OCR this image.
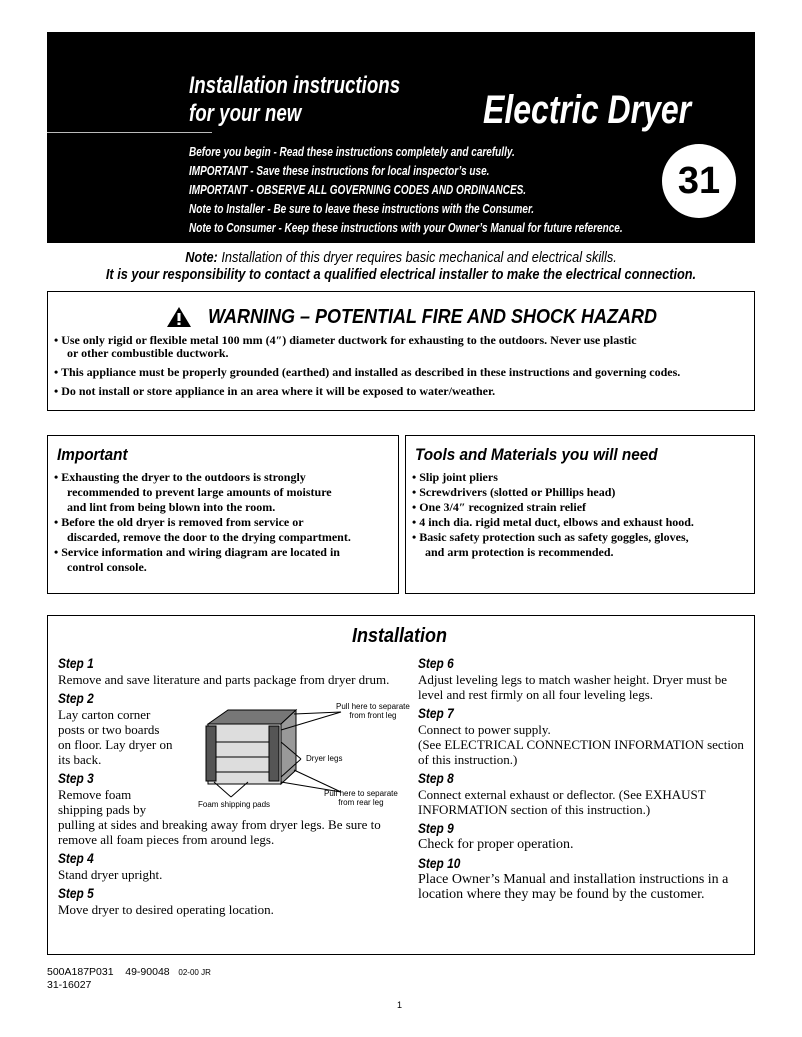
Installation instructions
for your new	Electric Dryer
Before you begin - Read these instructions completely and carefully.
IMPORTANT - Save these instructions for local inspector’s use.
IMPORTANT - OBSERVE ALL GOVERNING CODES AND ORDINANCES.
Note to Installer - Be sure to leave these instructions with the Consumer.
Note to Consumer - Keep these instructions with your Owner’s Manual for future reference.
31
Note: Installation of this dryer requires basic mechanical and electrical skills.
It is your responsibility to contact a qualified electrical installer to make the electrical connection.
WARNING – POTENTIAL FIRE AND SHOCK HAZARD
• Use only rigid or flexible metal 100 mm (4″) diameter ductwork for exhausting to the outdoors. Never use plastic
or other combustible ductwork.
• This appliance must be properly grounded (earthed) and installed as described in these instructions and governing codes.
• Do not install or store appliance in an area where it will be exposed to water/weather.
Important
• Exhausting the dryer to the outdoors is strongly
recommended to prevent large amounts of moisture
and lint from being blown into the room.
• Before the old dryer is removed from service or
discarded, remove the door to the drying compartment.
• Service information and wiring diagram are located in
control console.
Tools and Materials you will need
• Slip joint pliers
• Screwdrivers (slotted or Phillips head)
• One 3/4″ recognized strain relief
• 4 inch dia. rigid metal duct, elbows and exhaust hood.
• Basic safety protection such as safety goggles, gloves,
and arm protection is recommended.
Installation
Step 1
Remove and save literature and parts package from dryer drum.
Step 2
Lay carton corner posts or two boards on floor. Lay dryer on its back.
Step 3
Remove foam shipping pads by
pulling at sides and breaking away from dryer legs. Be sure to remove all foam pieces from around legs.
Step 4
Stand dryer upright.
Step 5
Move dryer to desired operating location.
Pull here to separate
from front leg
Dryer legs
Pull here to separate
from rear leg
Foam shipping pads
Step 6
Adjust leveling legs to match washer height. Dryer must be level and rest firmly on all four leveling legs.
Step 7
Connect to power supply.
(See ELECTRICAL CONNECTION INFORMATION section of this instruction.)
Step 8
Connect external exhaust or deflector. (See EXHAUST INFORMATION section of this instruction.)
Step 9
Check for proper operation.
Step 10
Place Owner’s Manual and installation instructions in a location where they may be found by the customer.
500A187P031 49-90048 02-00 JR
31-16027
1
